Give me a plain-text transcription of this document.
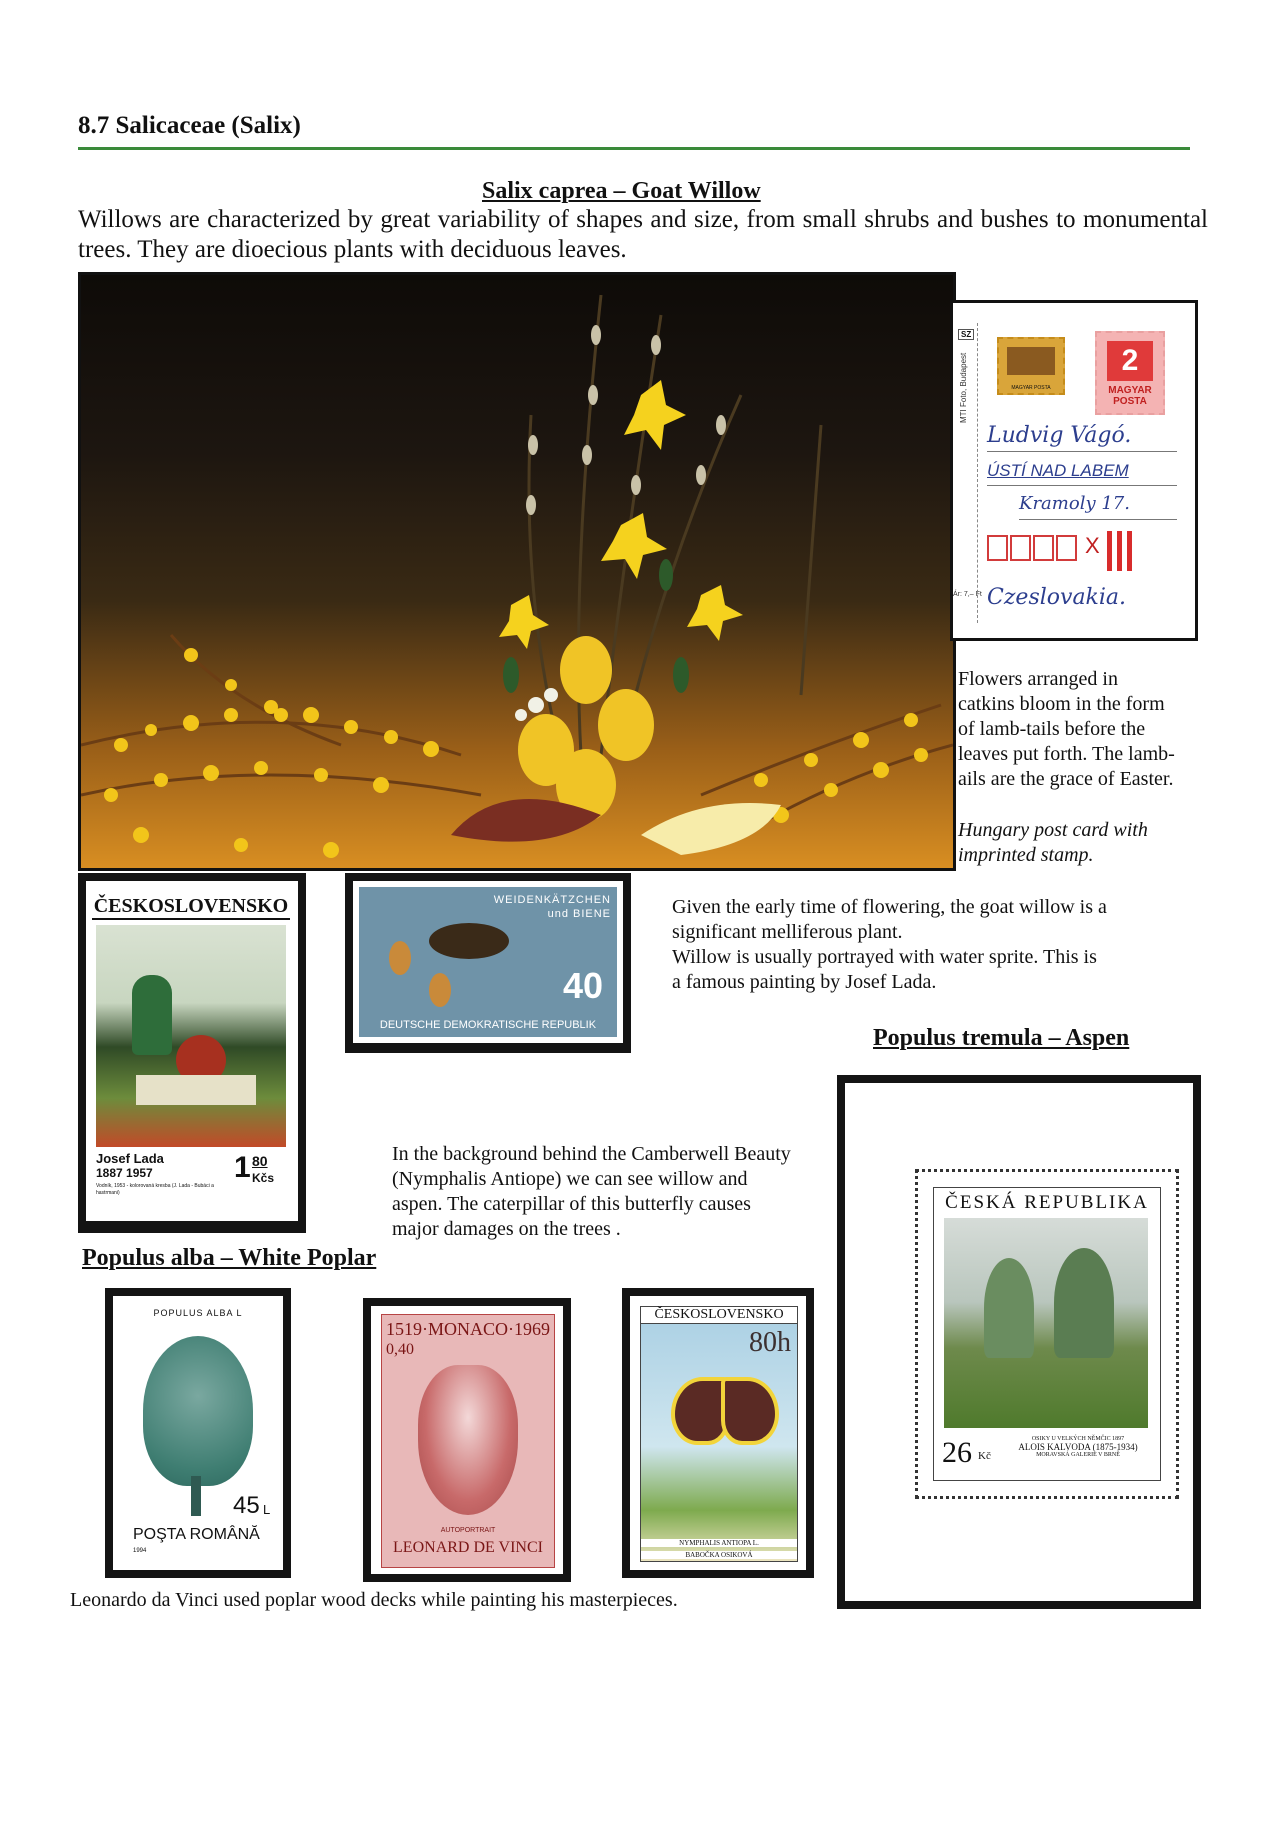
8.7 Salicaceae (Salix)
Salix caprea – Goat Willow
Willows are characterized by great variability of shapes and size, from small shrubs and bushes to monumental trees. They are dioecious plants with deciduous leaves.
SZ
MTI Foto, Budapest
Ár: 7,– Ft
MAGYAR POSTA
2
MAGYAR POSTA
Ludvig Vágó.
ÚSTÍ NAD LABEM
Kramoly 17.
X
Czeslovakia.
Flowers arranged in
catkins bloom in the form
of lamb-tails before the
leaves put forth. The lamb-
ails are the grace of Easter.
Hungary post card with
imprinted stamp.
ČESKOSLOVENSKO
Josef Lada
1887 1957
Vodník, 1953 - kolorovaná kresba (J. Lada - Bubáci a hastrmani)
1 80
Kčs
WEIDENKÄTZCHEN
und BIENE
40
DEUTSCHE DEMOKRATISCHE REPUBLIK
Given the early time of flowering, the goat willow is a
significant melliferous plant.
Willow is usually portrayed with water sprite. This is
a famous painting by Josef Lada.
Populus tremula – Aspen
In the background behind the Camberwell Beauty
(Nymphalis Antiope) we can see willow and
aspen. The caterpillar of this butterfly causes
major damages on the trees .
ČESKÁ REPUBLIKA
26 Kč
OSIKY U VELKÝCH NĚMČIC 1897
ALOIS KALVODA (1875-1934)
MORAVSKÁ GALERIE V BRNĚ
Populus alba – White Poplar
POPULUS ALBA L
45 L
POŞTA ROMÂNĂ
1994
1519·MONACO·1969
0,40
AUTOPORTRAIT
LEONARD DE VINCI
ČESKOSLOVENSKO
80h
NYMPHALIS ANTIOPA L.
BABOČKA OSIKOVÁ
Leonardo da Vinci used poplar wood decks while painting his masterpieces.
